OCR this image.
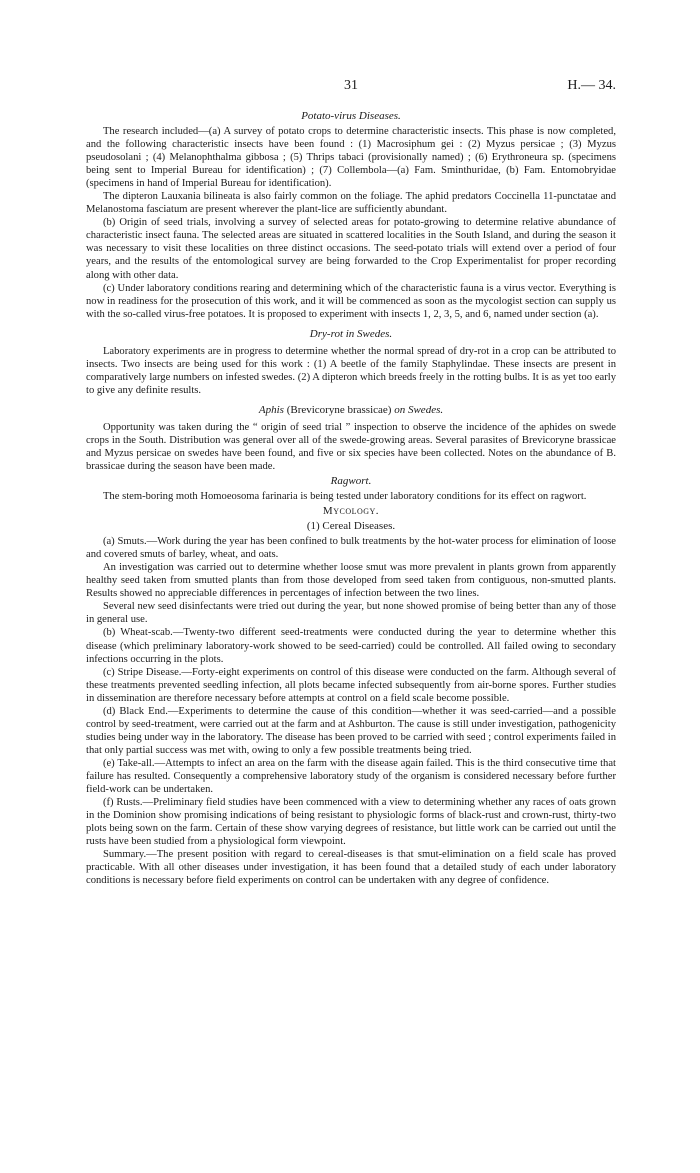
31	H.— 34.
Potato-virus Diseases.

The research included—(a) A survey of potato crops to determine characteristic insects. This phase is now completed, and the following characteristic insects have been found : (1) Macrosiphum gei : (2) Myzus persicae ; (3) Myzus pseudosolani ; (4) Melanophthalma gibbosa ; (5) Thrips tabaci (provisionally named) ; (6) Erythroneura sp. (specimens being sent to Imperial Bureau for identification) ; (7) Collembola—(a) Fam. Sminthuridae, (b) Fam. Entomobryidae (specimens in hand of Imperial Bureau for identification).

The dipteron Lauxania bilineata is also fairly common on the foliage. The aphid predators Coccinella 11-punctatae and Melanostoma fasciatum are present wherever the plant-lice are sufficiently abundant.

(b) Origin of seed trials, involving a survey of selected areas for potato-growing to determine relative abundance of characteristic insect fauna. The selected areas are situated in scattered localities in the South Island, and during the season it was necessary to visit these localities on three distinct occasions. The seed-potato trials will extend over a period of four years, and the results of the entomological survey are being forwarded to the Crop Experimentalist for proper recording along with other data.

(c) Under laboratory conditions rearing and determining which of the characteristic fauna is a virus vector. Everything is now in readiness for the prosecution of this work, and it will be commenced as soon as the mycologist section can supply us with the so-called virus-free potatoes. It is proposed to experiment with insects 1, 2, 3, 5, and 6, named under section (a).

Dry-rot in Swedes.

Laboratory experiments are in progress to determine whether the normal spread of dry-rot in a crop can be attributed to insects. Two insects are being used for this work : (1) A beetle of the family Staphylindae. These insects are present in comparatively large numbers on infested swedes. (2) A dipteron which breeds freely in the rotting bulbs. It is as yet too early to give any definite results.

Aphis (Brevicoryne brassicae) on Swedes.

Opportunity was taken during the “ origin of seed trial ” inspection to observe the incidence of the aphides on swede crops in the South. Distribution was general over all of the swede-growing areas. Several parasites of Brevicoryne brassicae and Myzus persicae on swedes have been found, and five or six species have been collected. Notes on the abundance of B. brassicae during the season have been made.

Ragwort.

The stem-boring moth Homoeosoma farinaria is being tested under laboratory conditions for its effect on ragwort.

Mycology.
(1) Cereal Diseases.

(a) Smuts.—Work during the year has been confined to bulk treatments by the hot-water process for elimination of loose and covered smuts of barley, wheat, and oats.

An investigation was carried out to determine whether loose smut was more prevalent in plants grown from apparently healthy seed taken from smutted plants than from those developed from seed taken from contiguous, non-smutted plants. Results showed no appreciable differences in percentages of infection between the two lines.

Several new seed disinfectants were tried out during the year, but none showed promise of being better than any of those in general use.

(b) Wheat-scab.—Twenty-two different seed-treatments were conducted during the year to determine whether this disease (which preliminary laboratory-work showed to be seed-carried) could be controlled. All failed owing to secondary infections occurring in the plots.

(c) Stripe Disease.—Forty-eight experiments on control of this disease were conducted on the farm. Although several of these treatments prevented seedling infection, all plots became infected subsequently from air-borne spores. Further studies in dissemination are therefore necessary before attempts at control on a field scale become possible.

(d) Black End.—Experiments to determine the cause of this condition—whether it was seed-carried—and a possible control by seed-treatment, were carried out at the farm and at Ashburton. The cause is still under investigation, pathogenicity studies being under way in the laboratory. The disease has been proved to be carried with seed ; control experiments failed in that only partial success was met with, owing to only a few possible treatments being tried.

(e) Take-all.—Attempts to infect an area on the farm with the disease again failed. This is the third consecutive time that failure has resulted. Consequently a comprehensive laboratory study of the organism is considered necessary before further field-work can be undertaken.

(f) Rusts.—Preliminary field studies have been commenced with a view to determining whether any races of oats grown in the Dominion show promising indications of being resistant to physiologic forms of black-rust and crown-rust, thirty-two plots being sown on the farm. Certain of these show varying degrees of resistance, but little work can be carried out until the rusts have been studied from a physiological form viewpoint.

Summary.—The present position with regard to cereal-diseases is that smut-elimination on a field scale has proved practicable. With all other diseases under investigation, it has been found that a detailed study of each under laboratory conditions is necessary before field experiments on control can be undertaken with any degree of confidence.
